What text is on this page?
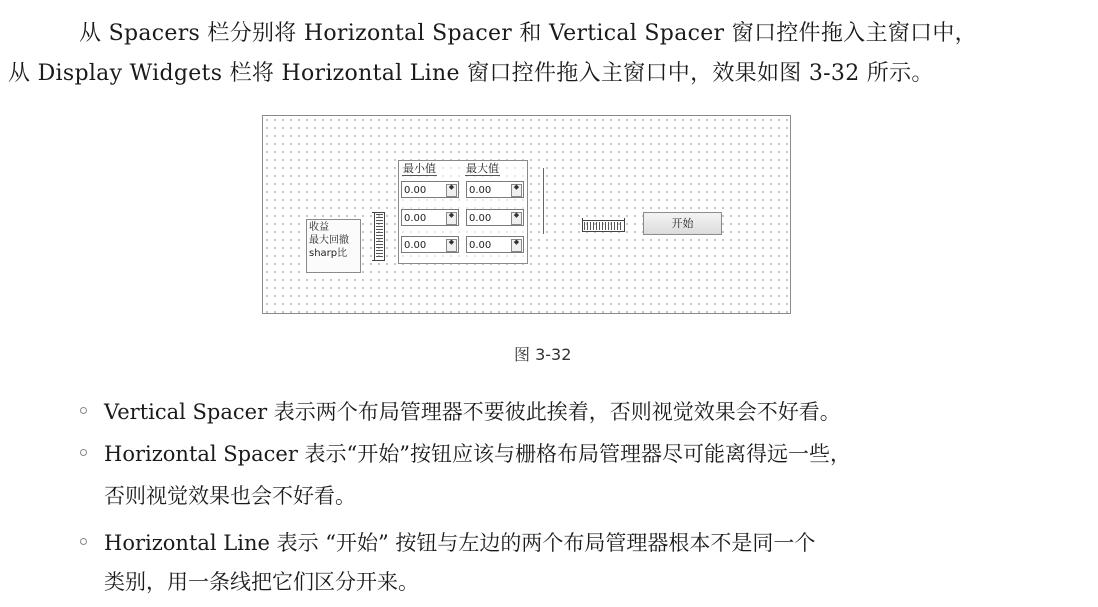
从 Spacers 栏分别将 Horizontal Spacer 和 Vertical Spacer 窗口控件拖入主窗口中，

从 Display Widgets 栏将 Horizontal Line 窗口控件拖入主窗口中，效果如图 3-32 所示。

收益
最大回撤
sharp比
最小值	最大值
0.00	◆	0.00	◆
0.00	◆	0.00	◆
0.00	◆	0.00	◆
开始
图 3-32
Vertical Spacer 表示两个布局管理器不要彼此挨着，否则视觉效果会不好看。
Horizontal Spacer 表示“开始”按钮应该与栅格布局管理器尽可能离得远一些，
否则视觉效果也会不好看。
Horizontal Line 表示 “开始” 按钮与左边的两个布局管理器根本不是同一个
类别，用一条线把它们区分开来。
